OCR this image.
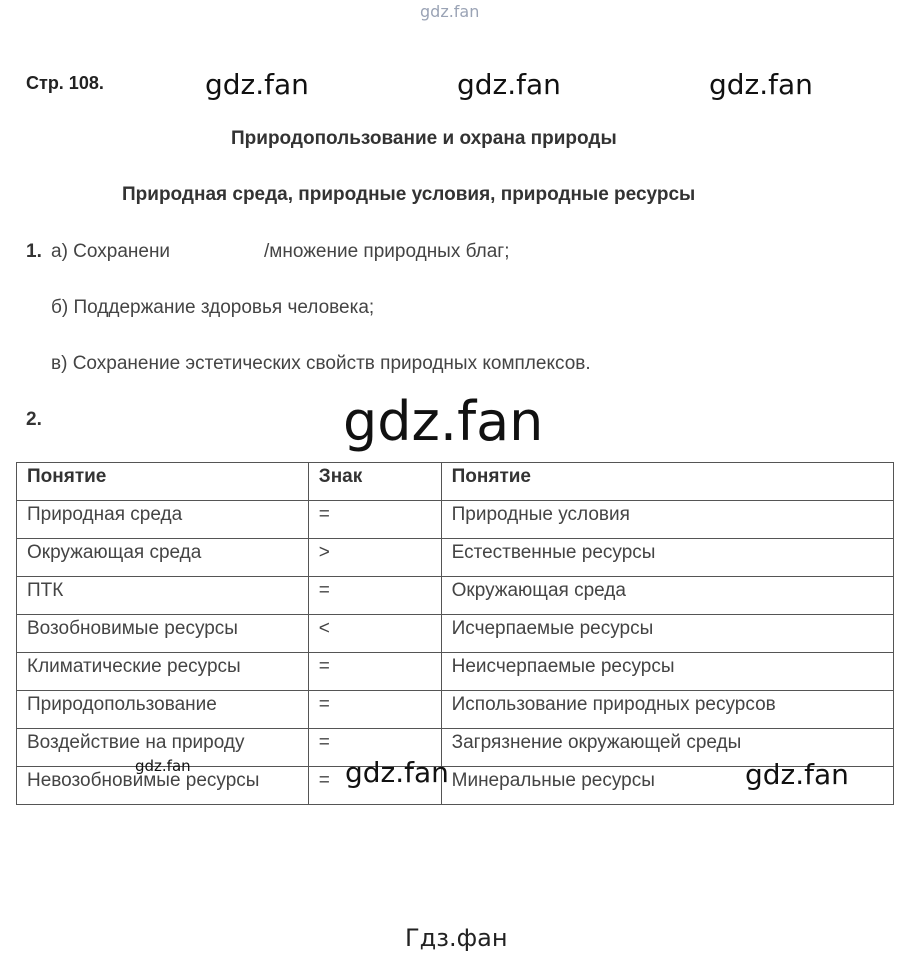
gdz.fan
Стр. 108.	gdz.fan	gdz.fan	gdz.fan
Природопользование и охрана природы
Природная среда, природные условия, природные ресурсы
1. а) Сохранени	/множение природных благ;
б) Поддержание здоровья человека;
в) Сохранение эстетических свойств природных комплексов.
2.	gdz.fan
Понятие	Знак	Понятие
Природная среда	=	Природные условия
Окружающая среда	>	Естественные ресурсы
ПТК	=	Окружающая среда
Возобновимые ресурсы	<	Исчерпаемые ресурсы
Климатические ресурсы	=	Неисчерпаемые ресурсы
Природопользование	=	Использование природных ресурсов
Воздействие на природу	=	Загрязнение окружающей среды
Невозобновимые ресурсы	=	Минеральные ресурсы
gdz.fan	gdz.fan	gdz.fan
Гдз.фан
